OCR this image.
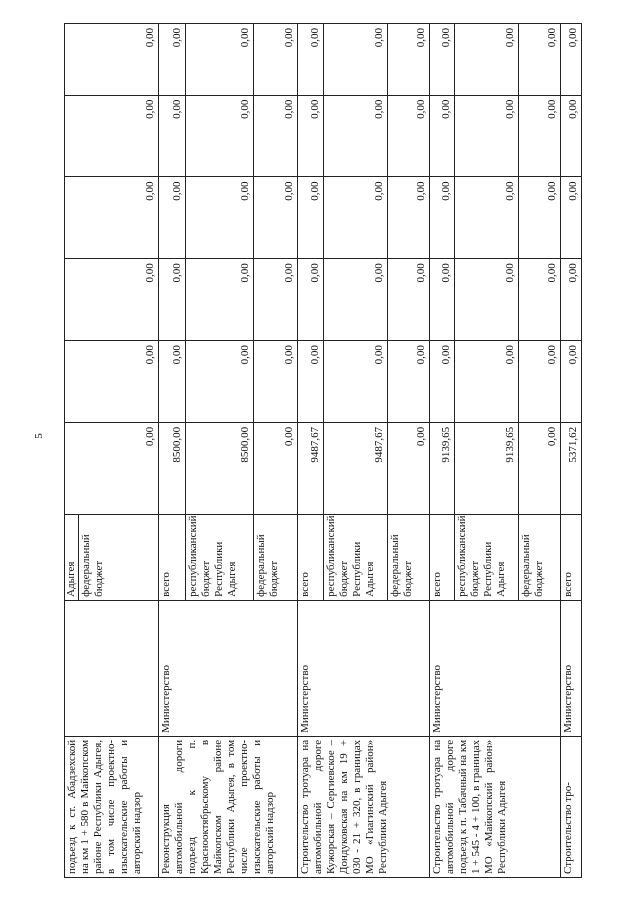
5
подъезд к ст. Абадзехской на км 1 + 580 в Майкопском районе Республики Адыгея, в том числе проектно-изыскательские работы и авторский надзор		Адыгея федеральный бюджет	0,00	0,00	0,00	0,00	0,00	0,00
Реконструкция автомобильной дороги подъезд к п. Краснооктябрьскому в Майкопском районе Республики Адыгея, в том числе проектно-изыскательские работы и авторский надзор	Министерство	всего	8500,00	0,00	0,00	0,00	0,00	0,00
		республиканский бюджет Республики Адыгея	8500,00	0,00	0,00	0,00	0,00	0,00
		федеральный бюджет	0,00	0,00	0,00	0,00	0,00	0,00
Строительство тротуара на автомобильной дороге Кужорская – Сергиевское – Дондуковская на км 19 + 030 - 21 + 320, в границах МО «Гиагинский район» Республики Адыгея	Министерство	всего	9487,67	0,00	0,00	0,00	0,00	0,00
		республиканский бюджет Республики Адыгея	9487,67	0,00	0,00	0,00	0,00	0,00
		федеральный бюджет	0,00	0,00	0,00	0,00	0,00	0,00
Строительство тротуара на автомобильной дороге подъезд к п. Табачный на км 1 + 545 - 4 + 100, в границах МО «Майкопский район» Республики Адыгея	Министерство	всего	9139,65	0,00	0,00	0,00	0,00	0,00
		республиканский бюджет Республики Адыгея	9139,65	0,00	0,00	0,00	0,00	0,00
		федеральный бюджет	0,00	0,00	0,00	0,00	0,00	0,00
Строительство тро-	Министерство	всего	5371,62	0,00	0,00	0,00	0,00	0,00
